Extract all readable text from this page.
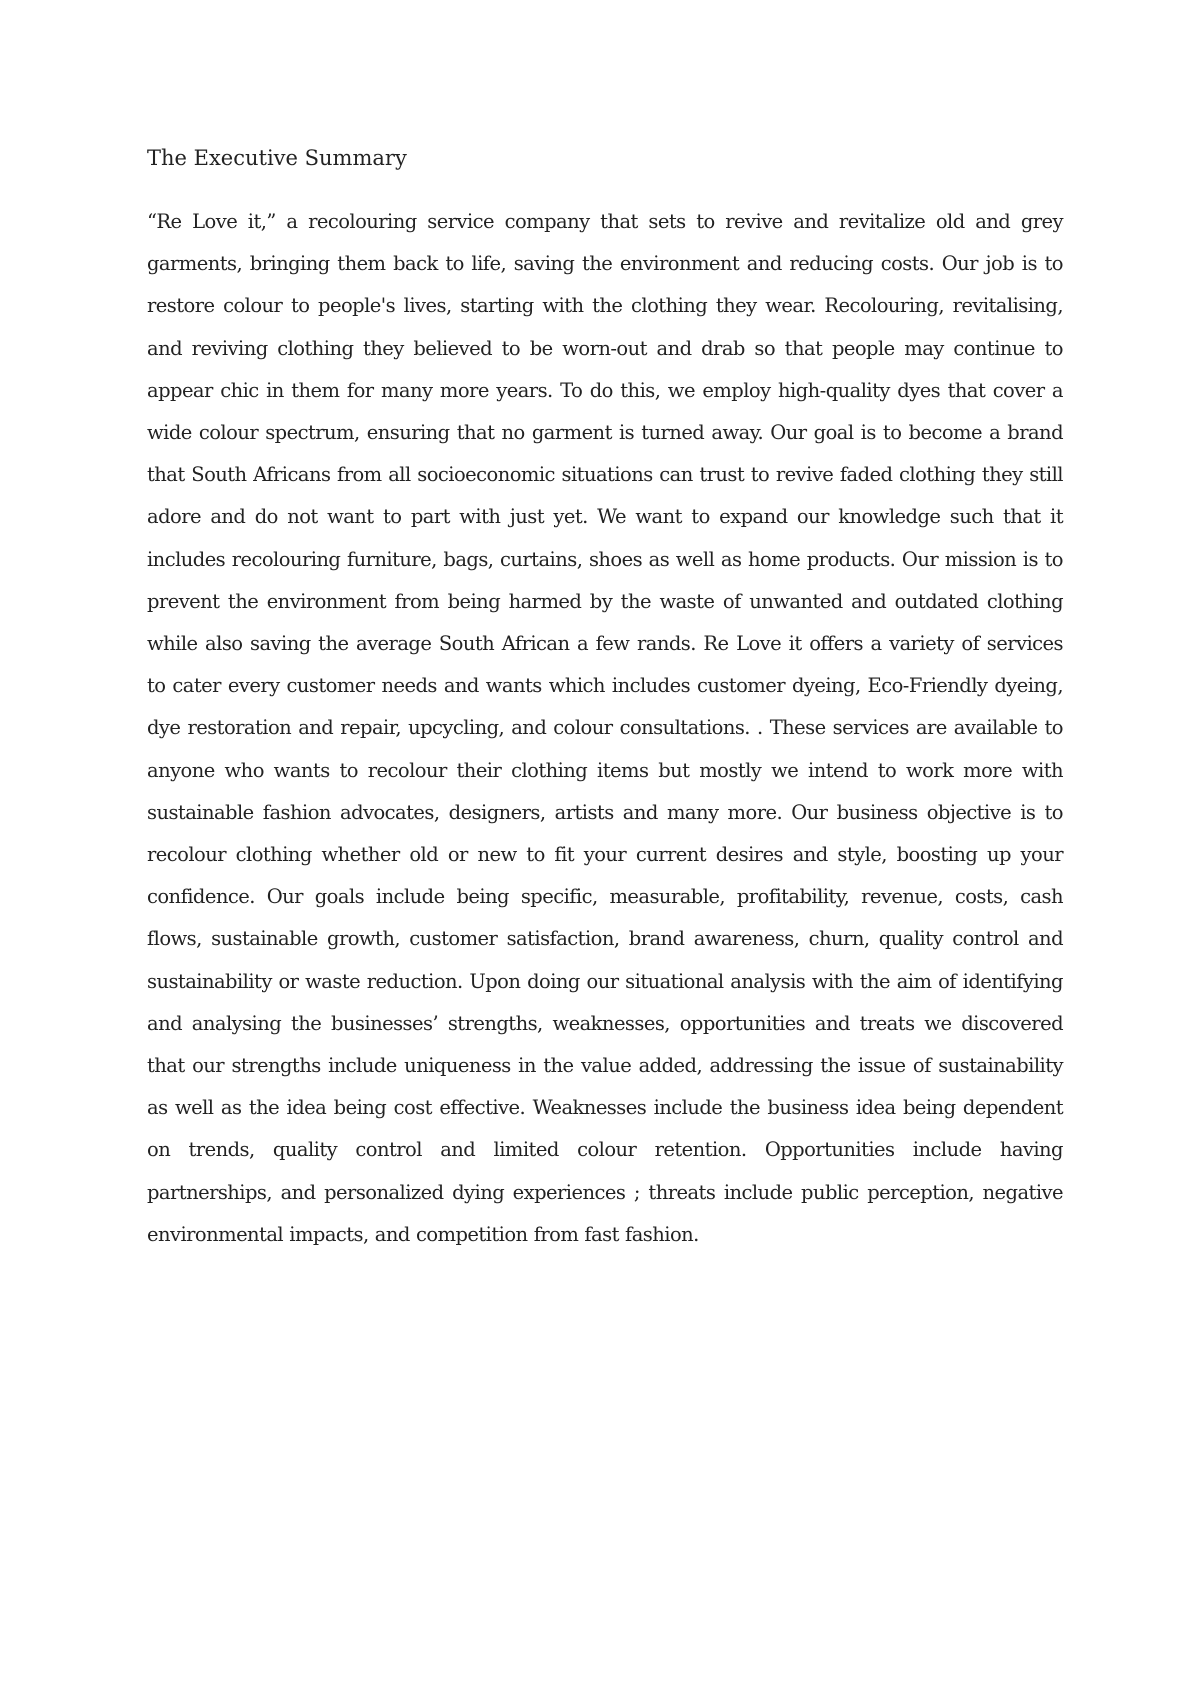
The Executive Summary

“Re Love it,” a recolouring service company that sets to revive and revitalize old and grey garments, bringing them back to life, saving the environment and reducing costs. Our job is to restore colour to people's lives, starting with the clothing they wear. Recolouring, revitalising, and reviving clothing they believed to be worn-out and drab so that people may continue to appear chic in them for many more years. To do this, we employ high-quality dyes that cover a wide colour spectrum, ensuring that no garment is turned away. Our goal is to become a brand that South Africans from all socioeconomic situations can trust to revive faded clothing they still adore and do not want to part with just yet. We want to expand our knowledge such that it includes recolouring furniture, bags, curtains, shoes as well as home products. Our mission is to prevent the environment from being harmed by the waste of unwanted and outdated clothing while also saving the average South African a few rands. Re Love it offers a variety of services to cater every customer needs and wants which includes customer dyeing, Eco-Friendly dyeing, dye restoration and repair, upcycling, and colour consultations. . These services are available to anyone who wants to recolour their clothing items but mostly we intend to work more with sustainable fashion advocates, designers, artists and many more. Our business objective is to recolour clothing whether old or new to fit your current desires and style, boosting up your confidence. Our goals include being specific, measurable, profitability, revenue, costs, cash flows, sustainable growth, customer satisfaction, brand awareness, churn, quality control and sustainability or waste reduction. Upon doing our situational analysis with the aim of identifying and analysing the businesses’ strengths, weaknesses, opportunities and treats we discovered that our strengths include uniqueness in the value added, addressing the issue of sustainability as well as the idea being cost effective. Weaknesses include the business idea being dependent on trends, quality control and limited colour retention. Opportunities include having partnerships, and personalized dying experiences ; threats include public perception, negative environmental impacts, and competition from fast fashion.
